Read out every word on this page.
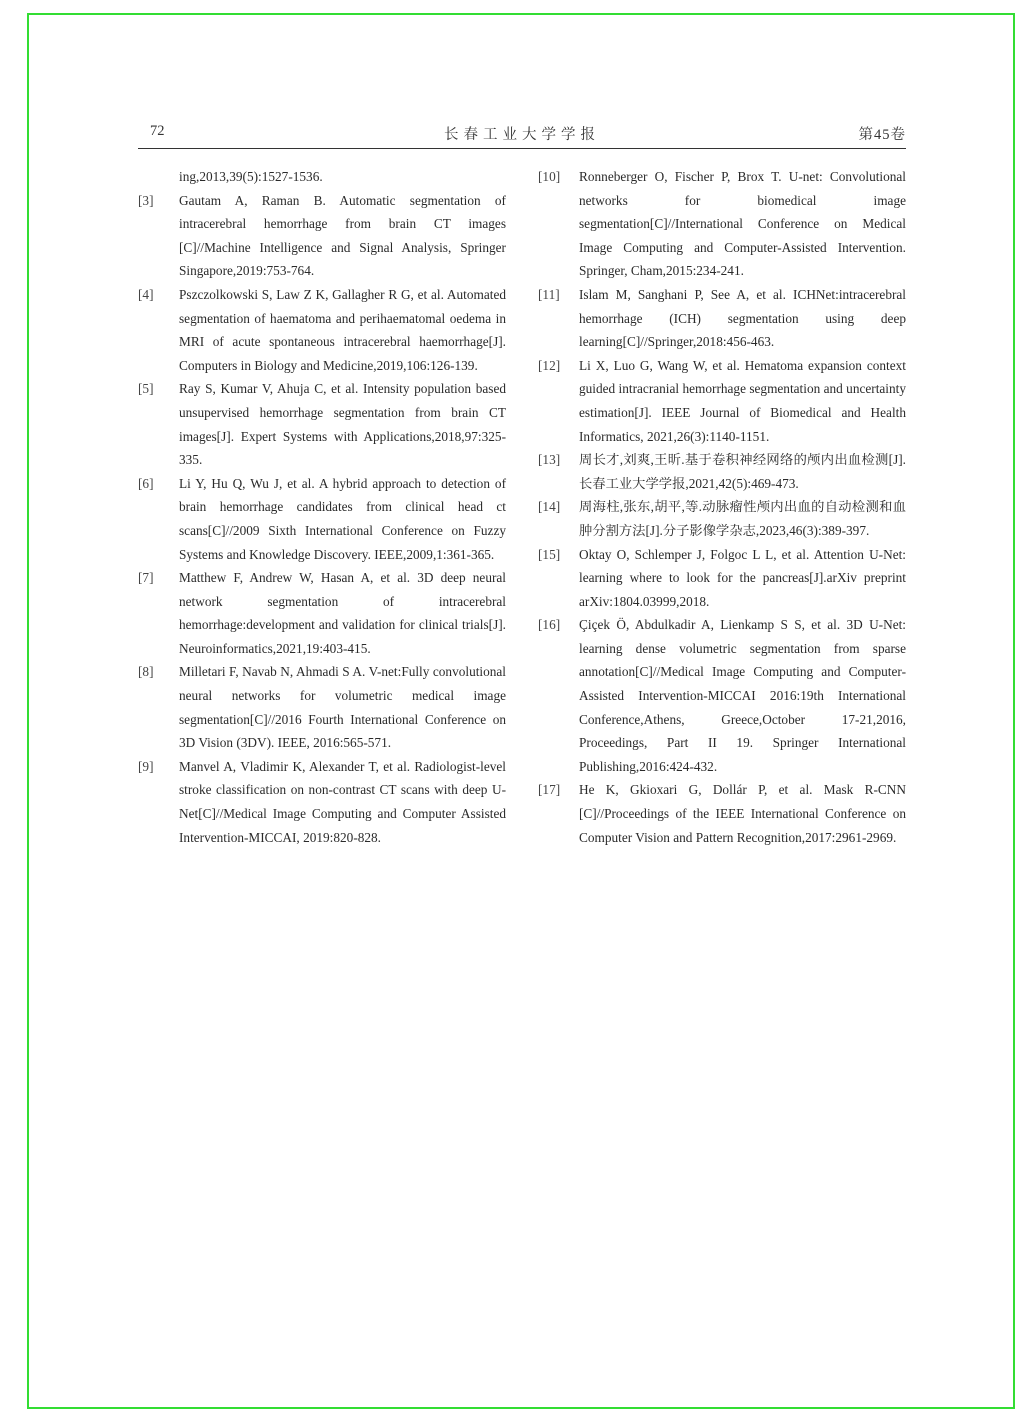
72	长春工业大学学报	第45卷
ing,2013,39(5):1527-1536.
[3] Gautam A, Raman B. Automatic segmentation of intracerebral hemorrhage from brain CT images [C]//Machine Intelligence and Signal Analysis, Springer Singapore,2019:753-764.
[4] Pszczolkowski S, Law Z K, Gallagher R G, et al. Automated segmentation of haematoma and perihaematomal oedema in MRI of acute spontaneous intracerebral haemorrhage[J]. Computers in Biology and Medicine,2019,106:126-139.
[5] Ray S, Kumar V, Ahuja C, et al. Intensity population based unsupervised hemorrhage segmentation from brain CT images[J]. Expert Systems with Applications,2018,97:325-335.
[6] Li Y, Hu Q, Wu J, et al. A hybrid approach to detection of brain hemorrhage candidates from clinical head ct scans[C]//2009 Sixth International Conference on Fuzzy Systems and Knowledge Discovery. IEEE,2009,1:361-365.
[7] Matthew F, Andrew W, Hasan A, et al. 3D deep neural network segmentation of intracerebral hemorrhage:development and validation for clinical trials[J]. Neuroinformatics,2021,19:403-415.
[8] Milletari F, Navab N, Ahmadi S A. V-net:Fully convolutional neural networks for volumetric medical image segmentation[C]//2016 Fourth International Conference on 3D Vision (3DV). IEEE, 2016:565-571.
[9] Manvel A, Vladimir K, Alexander T, et al. Radiologist-level stroke classification on non-contrast CT scans with deep U-Net[C]//Medical Image Computing and Computer Assisted Intervention-MICCAI, 2019:820-828.
[10] Ronneberger O, Fischer P, Brox T. U-net: Convolutional networks for biomedical image segmentation[C]//International Conference on Medical Image Computing and Computer-Assisted Intervention. Springer, Cham,2015:234-241.
[11] Islam M, Sanghani P, See A, et al. ICHNet:intracerebral hemorrhage (ICH) segmentation using deep learning[C]//Springer,2018:456-463.
[12] Li X, Luo G, Wang W, et al. Hematoma expansion context guided intracranial hemorrhage segmentation and uncertainty estimation[J]. IEEE Journal of Biomedical and Health Informatics, 2021,26(3):1140-1151.
[13] 周长才,刘爽,王昕.基于卷积神经网络的颅内出血检测[J].长春工业大学学报,2021,42(5):469-473.
[14] 周海柱,张东,胡平,等.动脉瘤性颅内出血的自动检测和血肿分割方法[J].分子影像学杂志,2023,46(3):389-397.
[15] Oktay O, Schlemper J, Folgoc L L, et al. Attention U-Net: learning where to look for the pancreas[J].arXiv preprint arXiv:1804.03999,2018.
[16] Çiçek Ö, Abdulkadir A, Lienkamp S S, et al. 3D U-Net: learning dense volumetric segmentation from sparse annotation[C]//Medical Image Computing and Computer-Assisted Intervention-MICCAI 2016:19th International Conference,Athens, Greece,October 17-21,2016, Proceedings, Part II 19. Springer International Publishing,2016:424-432.
[17] He K, Gkioxari G, Dollár P, et al. Mask R-CNN [C]//Proceedings of the IEEE International Conference on Computer Vision and Pattern Recognition,2017:2961-2969.
